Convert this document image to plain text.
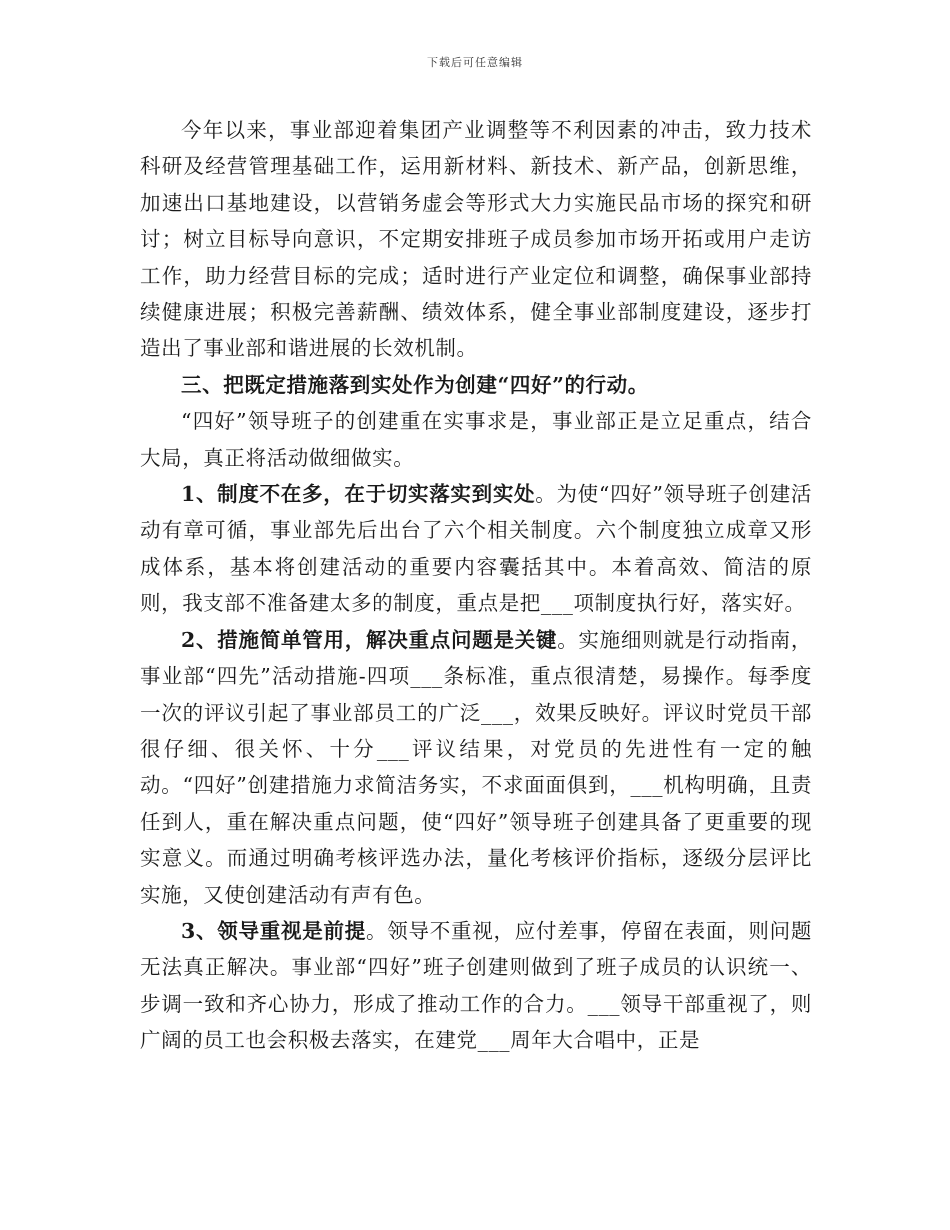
下载后可任意编辑

今年以来，事业部迎着集团产业调整等不利因素的冲击，致力技术科研及经营管理基础工作，运用新材料、新技术、新产品，创新思维，加速出口基地建设，以营销务虚会等形式大力实施民品市场的探究和研讨；树立目标导向意识，不定期安排班子成员参加市场开拓或用户走访工作，助力经营目标的完成；适时进行产业定位和调整，确保事业部持续健康进展；积极完善薪酬、绩效体系，健全事业部制度建设，逐步打造出了事业部和谐进展的长效机制。

三、把既定措施落到实处作为创建“四好”的行动。

“四好”领导班子的创建重在实事求是，事业部正是立足重点，结合大局，真正将活动做细做实。

1、制度不在多，在于切实落实到实处。为使“四好”领导班子创建活动有章可循，事业部先后出台了六个相关制度。六个制度独立成章又形成体系，基本将创建活动的重要内容囊括其中。本着高效、简洁的原则，我支部不准备建太多的制度，重点是把___项制度执行好，落实好。

2、措施简单管用，解决重点问题是关键。实施细则就是行动指南，事业部“四先”活动措施-四项___条标准，重点很清楚，易操作。每季度一次的评议引起了事业部员工的广泛___，效果反映好。评议时党员干部很仔细、很关怀、十分___评议结果，对党员的先进性有一定的触动。“四好”创建措施力求简洁务实，不求面面俱到，___机构明确，且责任到人，重在解决重点问题，使“四好”领导班子创建具备了更重要的现实意义。而通过明确考核评选办法，量化考核评价指标，逐级分层评比实施，又使创建活动有声有色。

3、领导重视是前提。领导不重视，应付差事，停留在表面，则问题无法真正解决。事业部“四好”班子创建则做到了班子成员的认识统一、步调一致和齐心协力，形成了推动工作的合力。___领导干部重视了，则广阔的员工也会积极去落实，在建党___周年大合唱中，正是
